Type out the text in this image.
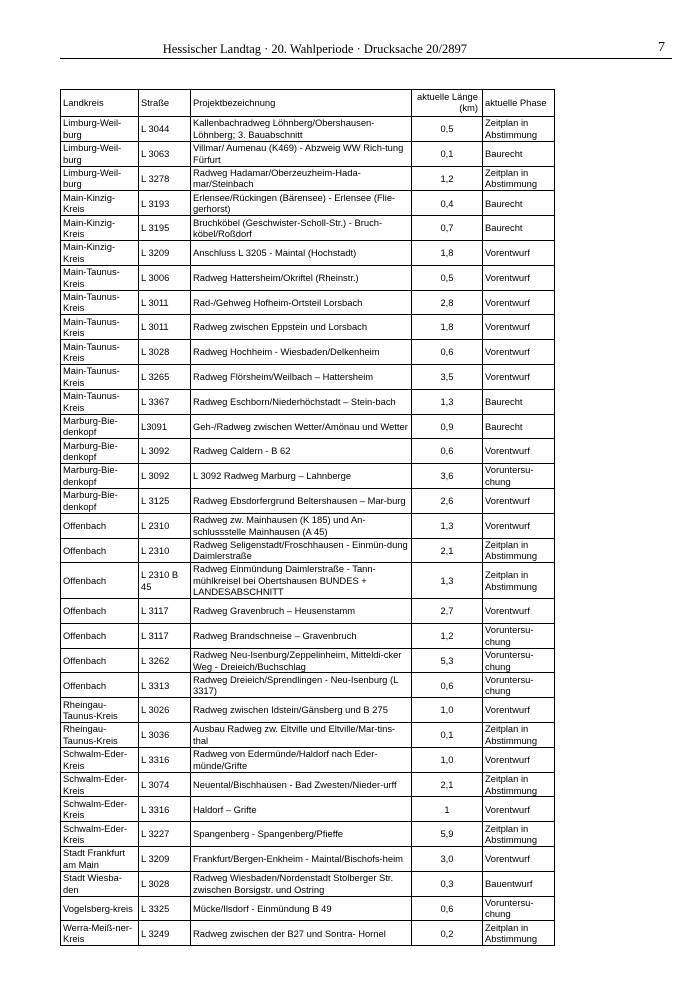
Hessischer Landtag · 20. Wahlperiode · Drucksache 20/2897	7
Landkreis	Straße	Projektbezeichnung	aktuelle Länge (km)	aktuelle Phase
Limburg-Weil-burg	L 3044	Kallenbachradweg Löhnberg/Obershausen-Löhnberg; 3. Bauabschnitt	0,5	Zeitplan in Abstimmung
Limburg-Weil-burg	L 3063	Villmar/ Aumenau (K469) - Abzweig WW Rich-tung Fürfurt	0,1	Baurecht
Limburg-Weil-burg	L 3278	Radweg Hadamar/Oberzeuzheim-Hada-mar/Steinbach	1,2	Zeitplan in Abstimmung
Main-Kinzig-Kreis	L 3193	Erlensee/Rückingen (Bärensee) - Erlensee (Flie-gerhorst)	0,4	Baurecht
Main-Kinzig-Kreis	L 3195	Bruchköbel (Geschwister-Scholl-Str.) - Bruch-köbel/Roßdorf	0,7	Baurecht
Main-Kinzig-Kreis	L 3209	Anschluss L 3205 - Maintal (Hochstadt)	1,8	Vorentwurf
Main-Taunus-Kreis	L 3006	Radweg Hattersheim/Okriftel (Rheinstr.)	0,5	Vorentwurf
Main-Taunus-Kreis	L 3011	Rad-/Gehweg Hofheim-Ortsteil Lorsbach	2,8	Vorentwurf
Main-Taunus-Kreis	L 3011	Radweg zwischen Eppstein und Lorsbach	1,8	Vorentwurf
Main-Taunus-Kreis	L 3028	Radweg Hochheim - Wiesbaden/Delkenheim	0,6	Vorentwurf
Main-Taunus-Kreis	L 3265	Radweg Flörsheim/Weilbach – Hattersheim	3,5	Vorentwurf
Main-Taunus-Kreis	L 3367	Radweg Eschborn/Niederhöchstadt – Stein-bach	1,3	Baurecht
Marburg-Bie-denkopf	L3091	Geh-/Radweg zwischen Wetter/Amönau und Wetter	0,9	Baurecht
Marburg-Bie-denkopf	L 3092	Radweg Caldern - B 62	0,6	Vorentwurf
Marburg-Bie-denkopf	L 3092	L 3092 Radweg Marburg – Lahnberge	3,6	Voruntersu-chung
Marburg-Bie-denkopf	L 3125	Radweg Ebsdorfergrund Beltershausen – Mar-burg	2,6	Vorentwurf
Offenbach	L 2310	Radweg zw. Mainhausen (K 185) und An-schlussstelle Mainhausen (A 45)	1,3	Vorentwurf
Offenbach	L 2310	Radweg Seligenstadt/Froschhausen - Einmün-dung Daimlerstraße	2,1	Zeitplan in Abstimmung
Offenbach	L 2310 B 45	Radweg Einmündung Daimlerstraße - Tann-mühlkreisel bei Obertshausen BUNDES + LANDESABSCHNITT	1,3	Zeitplan in Abstimmung
Offenbach	L 3117	Radweg Gravenbruch – Heusenstamm	2,7	Vorentwurf
Offenbach	L 3117	Radweg Brandschneise – Gravenbruch	1,2	Voruntersu-chung
Offenbach	L 3262	Radweg Neu-Isenburg/Zeppelinheim, Mitteldi-cker Weg - Dreieich/Buchschlag	5,3	Voruntersu-chung
Offenbach	L 3313	Radweg Dreieich/Sprendlingen - Neu-Isenburg (L 3317)	0,6	Voruntersu-chung
Rheingau-Taunus-Kreis	L 3026	Radweg zwischen Idstein/Gänsberg und B 275	1,0	Vorentwurf
Rheingau-Taunus-Kreis	L 3036	Ausbau Radweg zw. Eltville und Eltville/Mar-tins-thal	0,1	Zeitplan in Abstimmung
Schwalm-Eder-Kreis	L 3316	Radweg von Edermünde/Haldorf nach Eder-münde/Grifte	1,0	Vorentwurf
Schwalm-Eder-Kreis	L 3074	Neuental/Bischhausen - Bad Zwesten/Nieder-urff	2,1	Zeitplan in Abstimmung
Schwalm-Eder-Kreis	L 3316	Haldorf – Grifte	1	Vorentwurf
Schwalm-Eder-Kreis	L 3227	Spangenberg - Spangenberg/Pfieffe	5,9	Zeitplan in Abstimmung
Stadt Frankfurt am Main	L 3209	Frankfurt/Bergen-Enkheim - Maintal/Bischofs-heim	3,0	Vorentwurf
Stadt Wiesba-den	L 3028	Radweg Wiesbaden/Nordenstadt Stolberger Str. zwischen Borsigstr. und Ostring	0,3	Bauentwurf
Vogelsberg-kreis	L 3325	Mücke/Ilsdorf - Einmündung B 49	0,6	Voruntersu-chung
Werra-Meiß-ner-Kreis	L 3249	Radweg zwischen der B27 und Sontra- Hornel	0,2	Zeitplan in Abstimmung
